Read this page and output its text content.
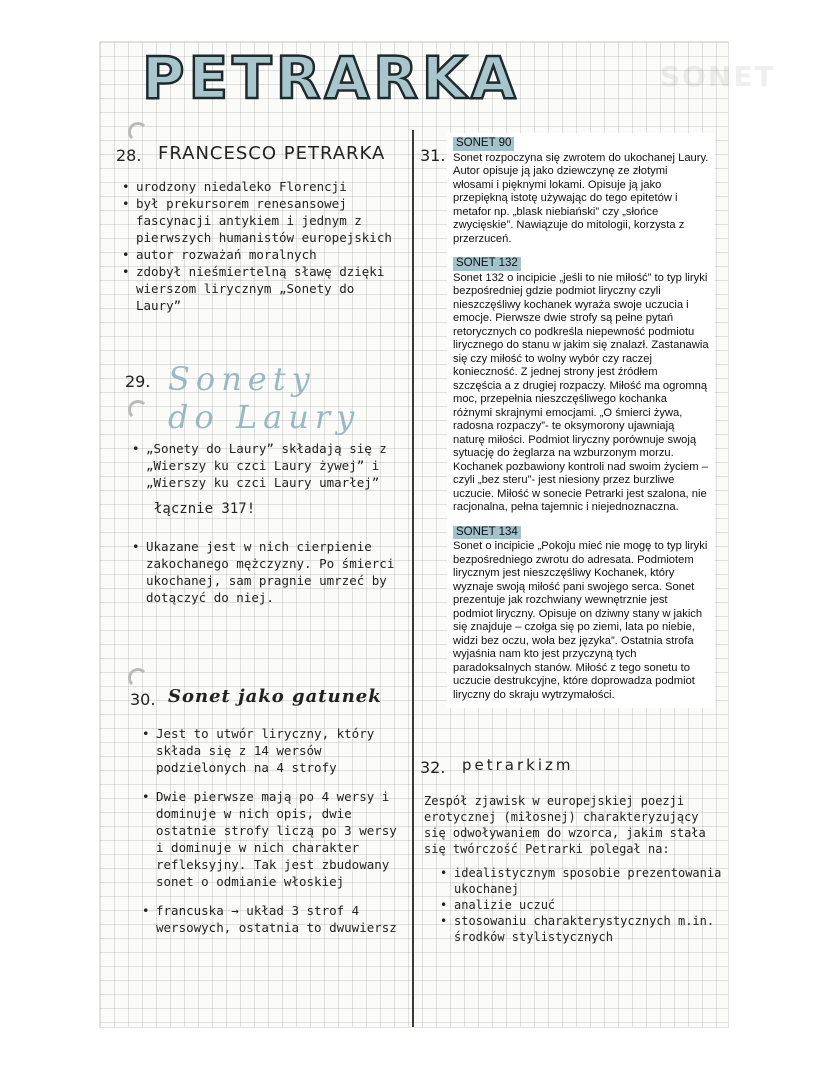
PETRARKA	SONET
28. FRANCESCO PETRARKA
• urodzony niedaleko Florencji
• był prekursorem renesansowej fascynacji antykiem i jednym z pierwszych humanistów europejskich
• autor rozważań moralnych
• zdobył nieśmiertelną sławę dzięki wierszom lirycznym „Sonety do Laury”
29. Sonety do Laury
• „Sonety do Laury” składają się z „Wierszy ku czci Laury żywej” i „Wierszy ku czci Laury umarłej”

łącznie 317!

• Ukazane jest w nich cierpienie zakochanego mężczyzny. Po śmierci ukochanej, sam pragnie umrzeć by dotączyć do niej.
30. Sonet jako gatunek
• Jest to utwór liryczny, który składa się z 14 wersów podzielonych na 4 strofy
• Dwie pierwsze mają po 4 wersy i dominuje w nich opis, dwie ostatnie strofy liczą po 3 wersy i dominuje w nich charakter refleksyjny. Tak jest zbudowany sonet o odmianie włoskiej
• francuska → układ 3 strof 4 wersowych, ostatnia to dwuwiersz
31.
SONET 90

Sonet rozpoczyna się zwrotem do ukochanej Laury. Autor opisuje ją jako dziewczynę ze złotymi włosami i pięknymi lokami. Opisuje ją jako przepiękną istotę używając do tego epitetów i metafor np. „blask niebiański” czy „słońce zwycięskie”. Nawiązuje do mitologii, korzysta z przerzuceń.

SONET 132

Sonet 132 o incipicie „jeśli to nie miłość” to typ liryki bezpośredniej gdzie podmiot liryczny czyli nieszczęśliwy kochanek wyraża swoje uczucia i emocje. Pierwsze dwie strofy są pełne pytań retorycznych co podkreśla niepewność podmiotu lirycznego do stanu w jakim się znalazł. Zastanawia się czy miłość to wolny wybór czy raczej konieczność. Z jednej strony jest źródłem szczęścia a z drugiej rozpaczy. Miłość ma ogromną moc, przepełnia nieszczęśliwego kochanka różnymi skrajnymi emocjami. „O śmierci żywa, radosna rozpaczy”- te oksymorony ujawniają naturę miłości. Podmiot liryczny porównuje swoją sytuację do żeglarza na wzburzonym morzu. Kochanek pozbawiony kontroli nad swoim życiem – czyli „bez steru”- jest niesiony przez burzliwe uczucie. Miłość w sonecie Petrarki jest szalona, nie racjonalna, pełna tajemnic i niejednoznaczna.

SONET 134

Sonet o incipicie „Pokoju mieć nie mogę to typ liryki bezpośredniego zwrotu do adresata. Podmiotem lirycznym jest nieszczęśliwy Kochanek, który wyznaje swoją miłość pani swojego serca. Sonet prezentuje jak rozchwiany wewnętrznie jest podmiot liryczny. Opisuje on dziwny stany w jakich się znajduje – czołga się po ziemi, lata po niebie, widzi bez oczu, woła bez języka”. Ostatnia strofa wyjaśnia nam kto jest przyczyną tych paradoksalnych stanów. Miłość z tego sonetu to uczucie destrukcyjne, które doprowadza podmiot liryczny do skraju wytrzymałości.

32. petrarkizm

Zespół zjawisk w europejskiej poezji erotycznej (miłosnej) charakteryzujący się odwoływaniem do wzorca, jakim stała się twórczość Petrarki polegał na:

• idealistycznym sposobie prezentowania ukochanej
• analizie uczuć
• stosowaniu charakterystycznych m.in. środków stylistycznych
